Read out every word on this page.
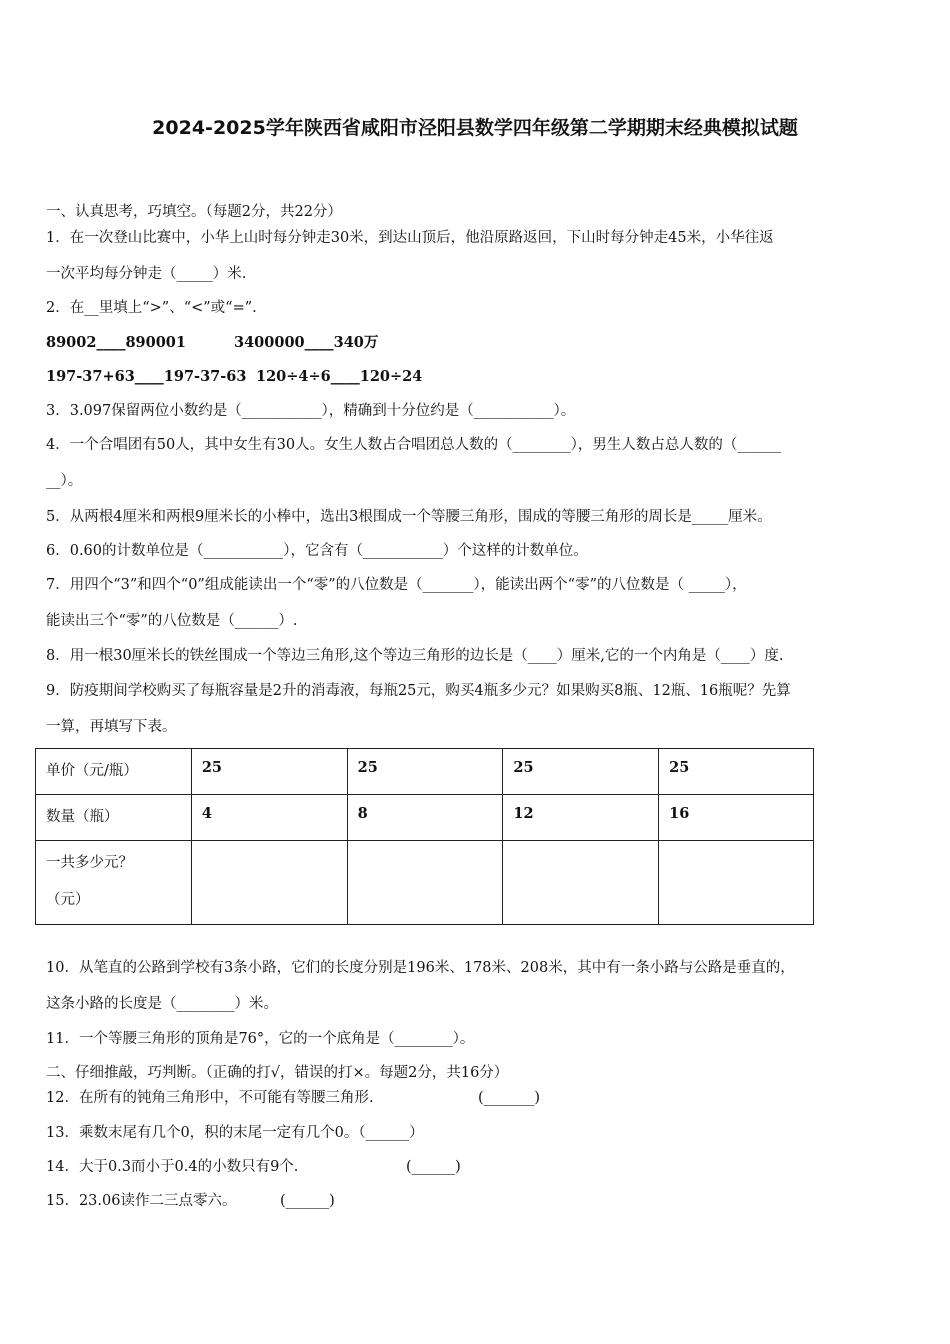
2024-2025学年陕西省咸阳市泾阳县数学四年级第二学期期末经典模拟试题
一、认真思考，巧填空。（每题2分，共22分）
1．在一次登山比赛中，小华上山时每分钟走30米，到达山顶后，他沿原路返回，下山时每分钟走45米，小华往返
一次平均每分钟走（_____）米.
2．在__里填上“>”、“<”或“=”.
89002____890001	3400000____340万
197-37+63____197-37-63 120÷4÷6____120÷24
3．3.097保留两位小数约是（___________），精确到十分位约是（___________）。
4．一个合唱团有50人，其中女生有30人。女生人数占合唱团总人数的（________），男生人数占总人数的（______
__）。
5．从两根4厘米和两根9厘米长的小棒中，选出3根围成一个等腰三角形，围成的等腰三角形的周长是_____厘米。
6．0.60的计数单位是（___________），它含有（___________）个这样的计数单位。
7．用四个“3”和四个“0”组成能读出一个“零”的八位数是（_______），能读出两个“零”的八位数是（ _____），
能读出三个“零”的八位数是（______）.
8．用一根30厘米长的铁丝围成一个等边三角形,这个等边三角形的边长是（____）厘米,它的一个内角是（____）度.
9．防疫期间学校购买了每瓶容量是2升的消毒液，每瓶25元，购买4瓶多少元？如果购买8瓶、12瓶、16瓶呢？先算
一算，再填写下表。
单价（元/瓶）	25	25	25	25
数量（瓶）	4	8	12	16
一共多少元？
（元）				

10．从笔直的公路到学校有3条小路，它们的长度分别是196米、178米、208米，其中有一条小路与公路是垂直的，
这条小路的长度是（________）米。
11．一个等腰三角形的顶角是76°，它的一个底角是（________）。
二、仔细推敲，巧判断。（正确的打√，错误的打×。每题2分，共16分）
12．在所有的钝角三角形中，不可能有等腰三角形.	(_______)
13．乘数末尾有几个0，积的末尾一定有几个0。（______）
14．大于0.3而小于0.4的小数只有9个.	(______)
15．23.06读作二三点零六。	(______)
